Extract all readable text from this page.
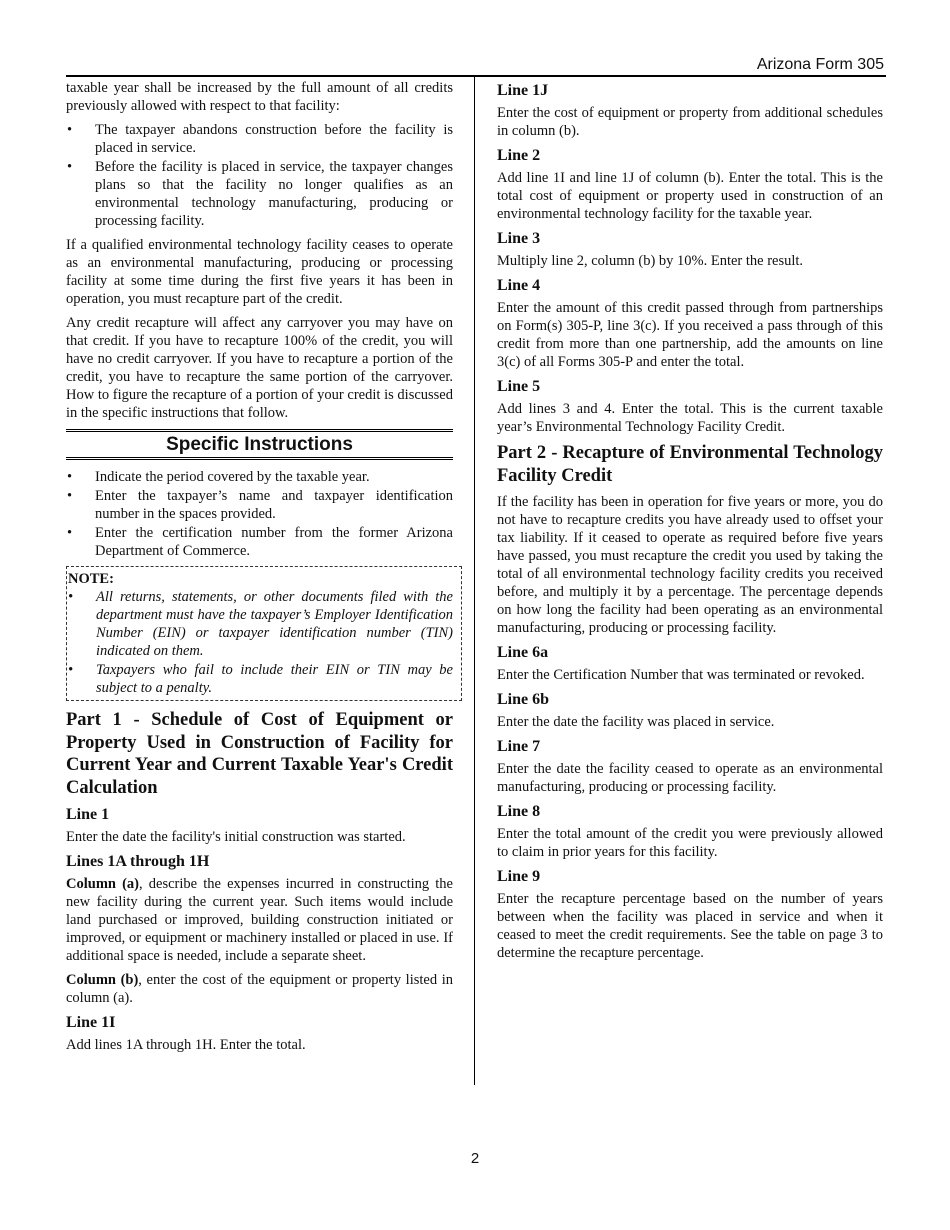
Arizona Form 305

taxable year shall be increased by the full amount of all credits previously allowed with respect to that facility:

• The taxpayer abandons construction before the facility is placed in service.
• Before the facility is placed in service, the taxpayer changes plans so that the facility no longer qualifies as an environmental technology manufacturing, producing or processing facility.

If a qualified environmental technology facility ceases to operate as an environmental manufacturing, producing or processing facility at some time during the first five years it has been in operation, you must recapture part of the credit.

Any credit recapture will affect any carryover you may have on that credit. If you have to recapture 100% of the credit, you will have no credit carryover. If you have to recapture a portion of the credit, you have to recapture the same portion of the carryover. How to figure the recapture of a portion of your credit is discussed in the specific instructions that follow.

Specific Instructions
• Indicate the period covered by the taxable year.
• Enter the taxpayer’s name and taxpayer identification number in the spaces provided.
• Enter the certification number from the former Arizona Department of Commerce.
NOTE:
• All returns, statements, or other documents filed with the department must have the taxpayer’s Employer Identification Number (EIN) or taxpayer identification number (TIN) indicated on them.
• Taxpayers who fail to include their EIN or TIN may be subject to a penalty.
Part 1 - Schedule of Cost of Equipment or Property Used in Construction of Facility for Current Year and Current Taxable Year's Credit Calculation
Line 1

Enter the date the facility's initial construction was started.

Lines 1A through 1H

Column (a), describe the expenses incurred in constructing the new facility during the current year. Such items would include land purchased or improved, building construction initiated or improved, or equipment or machinery installed or placed in use. If additional space is needed, include a separate sheet.

Column (b), enter the cost of the equipment or property listed in column (a).

Line 1I

Add lines 1A through 1H. Enter the total.

Line 1J

Enter the cost of equipment or property from additional schedules in column (b).

Line 2

Add line 1I and line 1J of column (b). Enter the total. This is the total cost of equipment or property used in construction of an environmental technology facility for the taxable year.

Line 3

Multiply line 2, column (b) by 10%. Enter the result.

Line 4

Enter the amount of this credit passed through from partnerships on Form(s) 305-P, line 3(c). If you received a pass through of this credit from more than one partnership, add the amounts on line 3(c) of all Forms 305-P and enter the total.

Line 5

Add lines 3 and 4. Enter the total. This is the current taxable year’s Environmental Technology Facility Credit.

Part 2 - Recapture of Environmental Technology Facility Credit

If the facility has been in operation for five years or more, you do not have to recapture credits you have already used to offset your tax liability. If it ceased to operate as required before five years have passed, you must recapture the credit you used by taking the total of all environmental technology facility credits you received before, and multiply it by a percentage. The percentage depends on how long the facility had been operating as an environmental manufacturing, producing or processing facility.

Line 6a

Enter the Certification Number that was terminated or revoked.

Line 6b

Enter the date the facility was placed in service.

Line 7

Enter the date the facility ceased to operate as an environmental manufacturing, producing or processing facility.

Line 8

Enter the total amount of the credit you were previously allowed to claim in prior years for this facility.

Line 9

Enter the recapture percentage based on the number of years between when the facility was placed in service and when it ceased to meet the credit requirements. See the table on page 3 to determine the recapture percentage.

2
